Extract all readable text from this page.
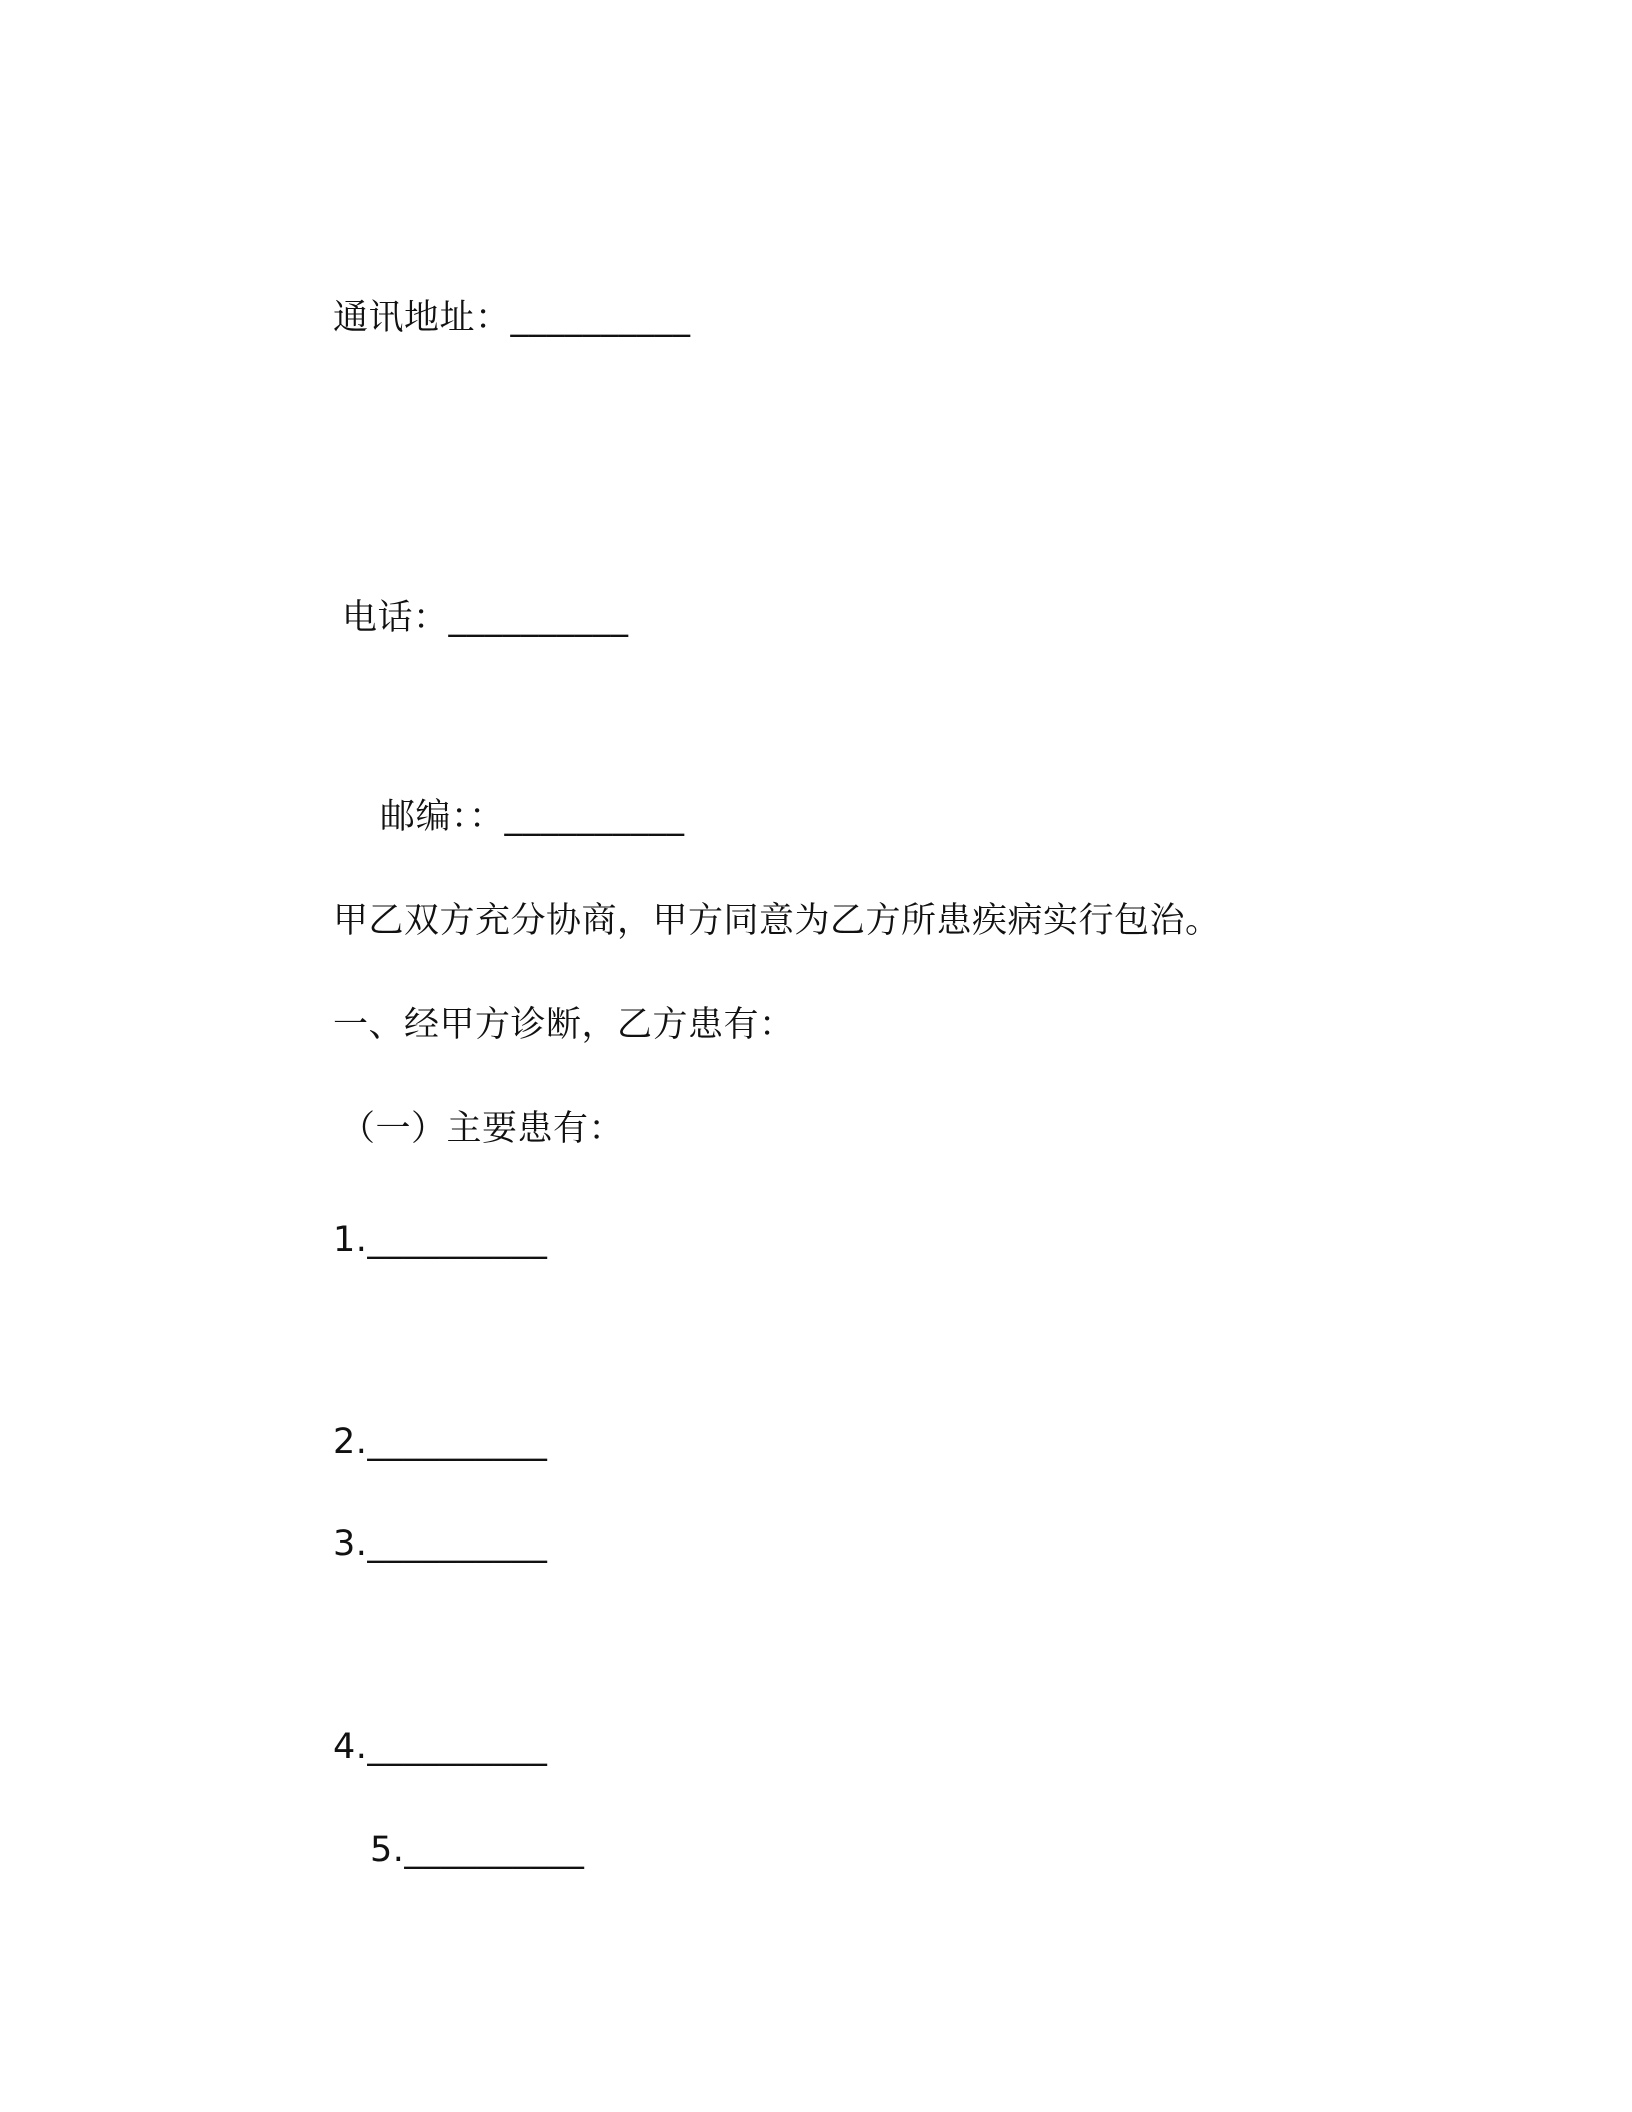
通讯地址：__________
电话：__________
邮编：：__________
甲乙双方充分协商，甲方同意为乙方所患疾病实行包治。
一、经甲方诊断，乙方患有：
（一）主要患有：
1.__________
2.__________
3.__________
4.__________
5.__________
